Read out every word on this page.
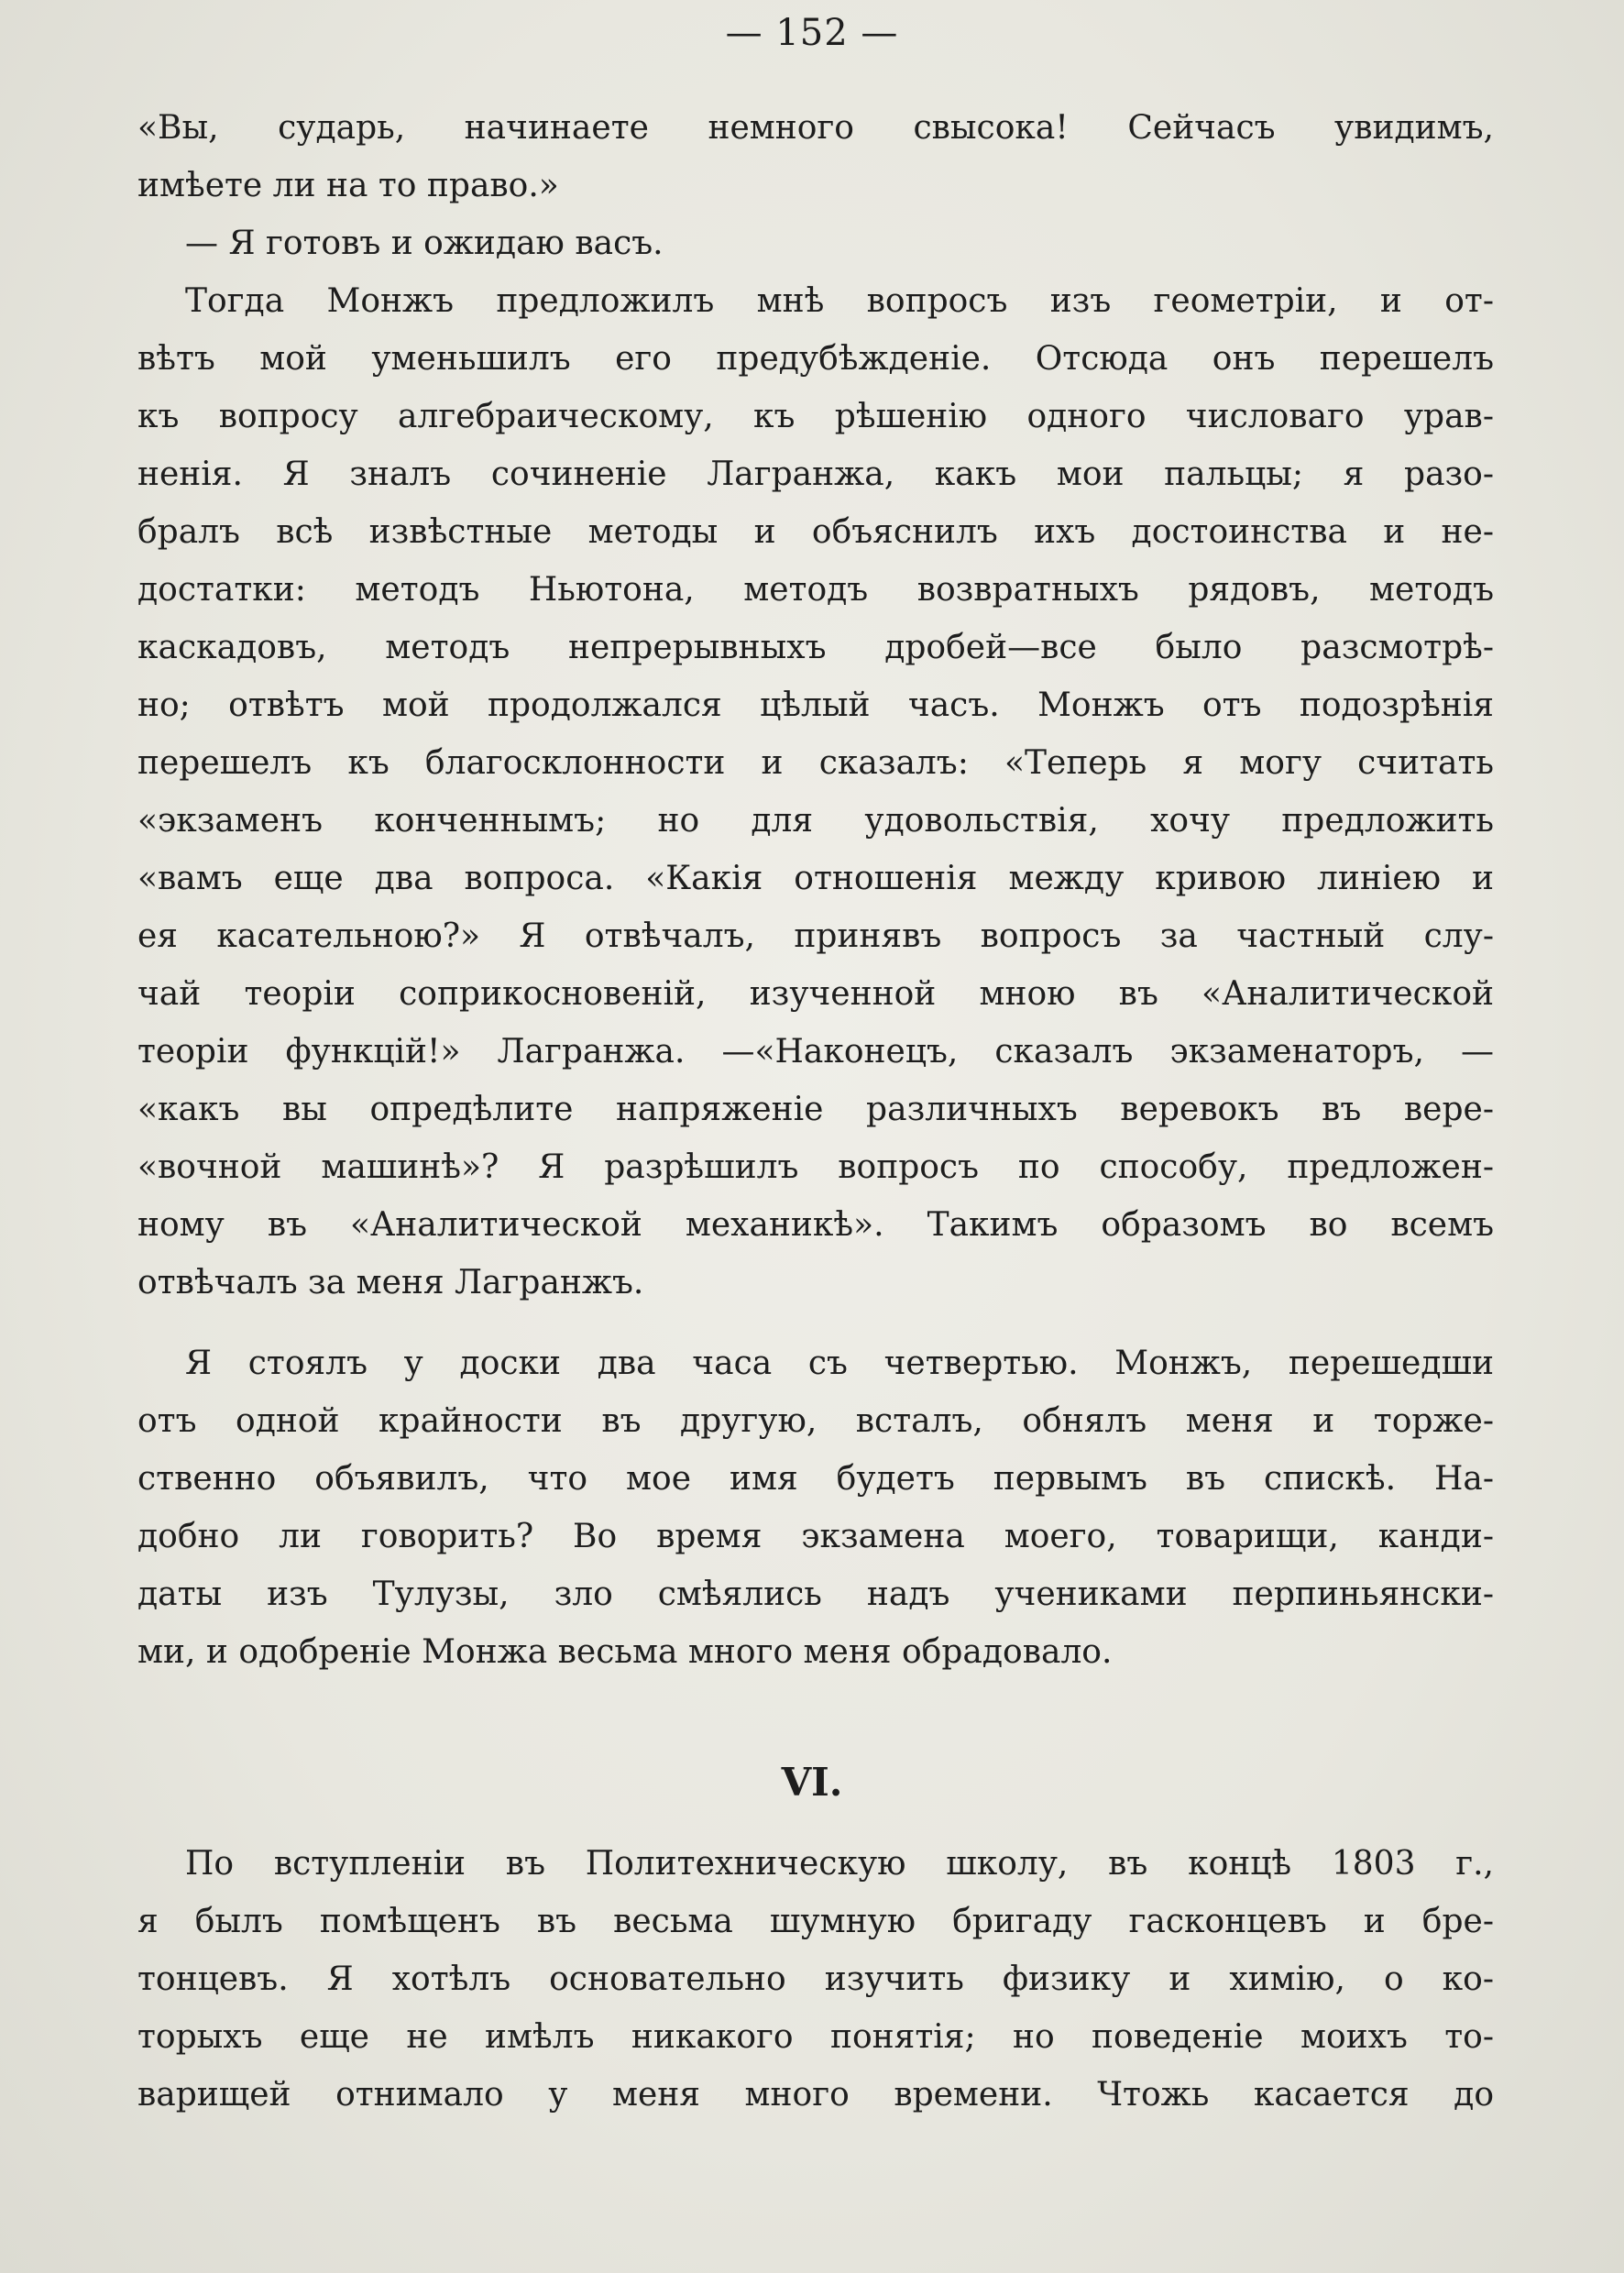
— 152 —
«Вы, сударь, начинаете немного свысока! Сейчасъ увидимъ,
имѣете ли на то право.»
— Я готовъ и ожидаю васъ.
Тогда Монжъ предложилъ мнѣ вопросъ изъ геометріи, и от-
вѣтъ мой уменьшилъ его предубѣжденіе. Отсюда онъ перешелъ
къ вопросу алгебраическому, къ рѣшенію одного числоваго урав-
ненія. Я зналъ сочиненіе Лагранжа, какъ мои пальцы; я разо-
бралъ всѣ извѣстные методы и объяснилъ ихъ достоинства и не-
достатки: методъ Ньютона, методъ возвратныхъ рядовъ, методъ
каскадовъ, методъ непрерывныхъ дробей—все было разсмотрѣ-
но; отвѣтъ мой продолжался цѣлый часъ. Монжъ отъ подозрѣнія
перешелъ къ благосклонности и сказалъ: «Теперь я могу считать
«экзаменъ конченнымъ; но для удовольствія, хочу предложить
«вамъ еще два вопроса. «Какія отношенія между кривою линіею и
ея касательною?» Я отвѣчалъ, принявъ вопросъ за частный слу-
чай теоріи соприкосновеній, изученной мною въ «Аналитической
теоріи функцій!» Лагранжа. —«Наконецъ, сказалъ экзаменаторъ, —
«какъ вы опредѣлите напряженіе различныхъ веревокъ въ вере-
«вочной машинѣ»? Я разрѣшилъ вопросъ по способу, предложен-
ному въ «Аналитической механикѣ». Такимъ образомъ во всемъ
отвѣчалъ за меня Лагранжъ.
Я стоялъ у доски два часа съ четвертью. Монжъ, перешедши
отъ одной крайности въ другую, всталъ, обнялъ меня и торже-
ственно объявилъ, что мое имя будетъ первымъ въ спискѣ. На-
добно ли говорить? Во время экзамена моего, товарищи, канди-
даты изъ Тулузы, зло смѣялись надъ учениками перпиньянски-
ми, и одобреніе Монжа весьма много меня обрадовало.
VI.
По вступленіи въ Политехническую школу, въ концѣ 1803 г.,
я былъ помѣщенъ въ весьма шумную бригаду гасконцевъ и бре-
тонцевъ. Я хотѣлъ основательно изучить физику и химію, о ко-
торыхъ еще не имѣлъ никакого понятія; но поведеніе моихъ то-
варищей отнимало у меня много времени. Чтожь касается до
